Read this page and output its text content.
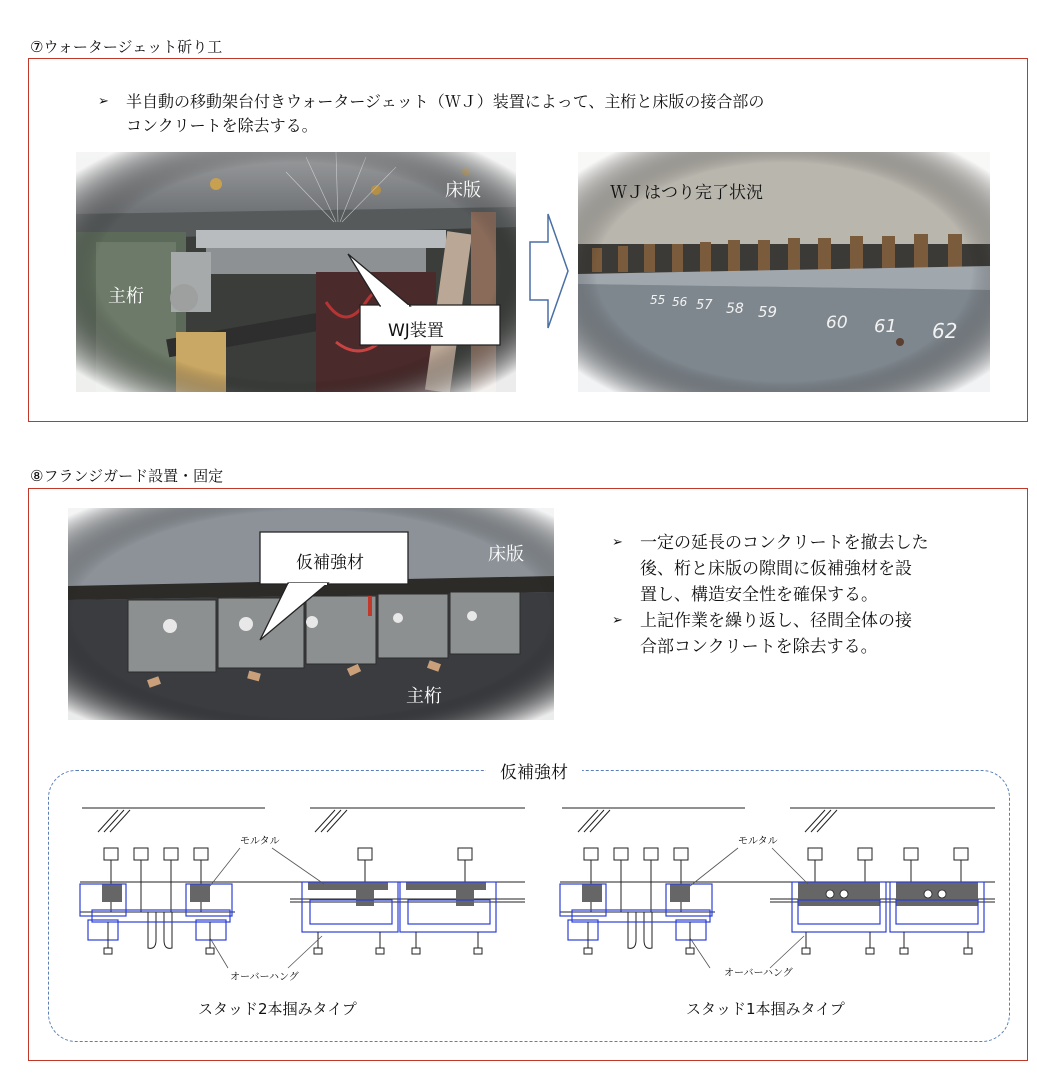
⑦ウォータージェット斫り工
➢	半自動の移動架台付きウォータージェット（ＷＪ）装置によって、主桁と床版の接合部の
コンクリートを除去する。
床版
主桁
WJ装置
ＷＪはつり完了状況
55 56 57 58 59
60 61 62
⑧フランジガード設置・固定
床版
主桁
仮補強材
➢	一定の延長のコンクリートを撤去した
後、桁と床版の隙間に仮補強材を設
置し、構造安全性を確保する。
➢	上記作業を繰り返し、径間全体の接
合部コンクリートを除去する。
仮補強材
モルタル
オーバーハング
スタッド2本掴みタイプ
モルタル
オーバーハング
スタッド1本掴みタイプ
